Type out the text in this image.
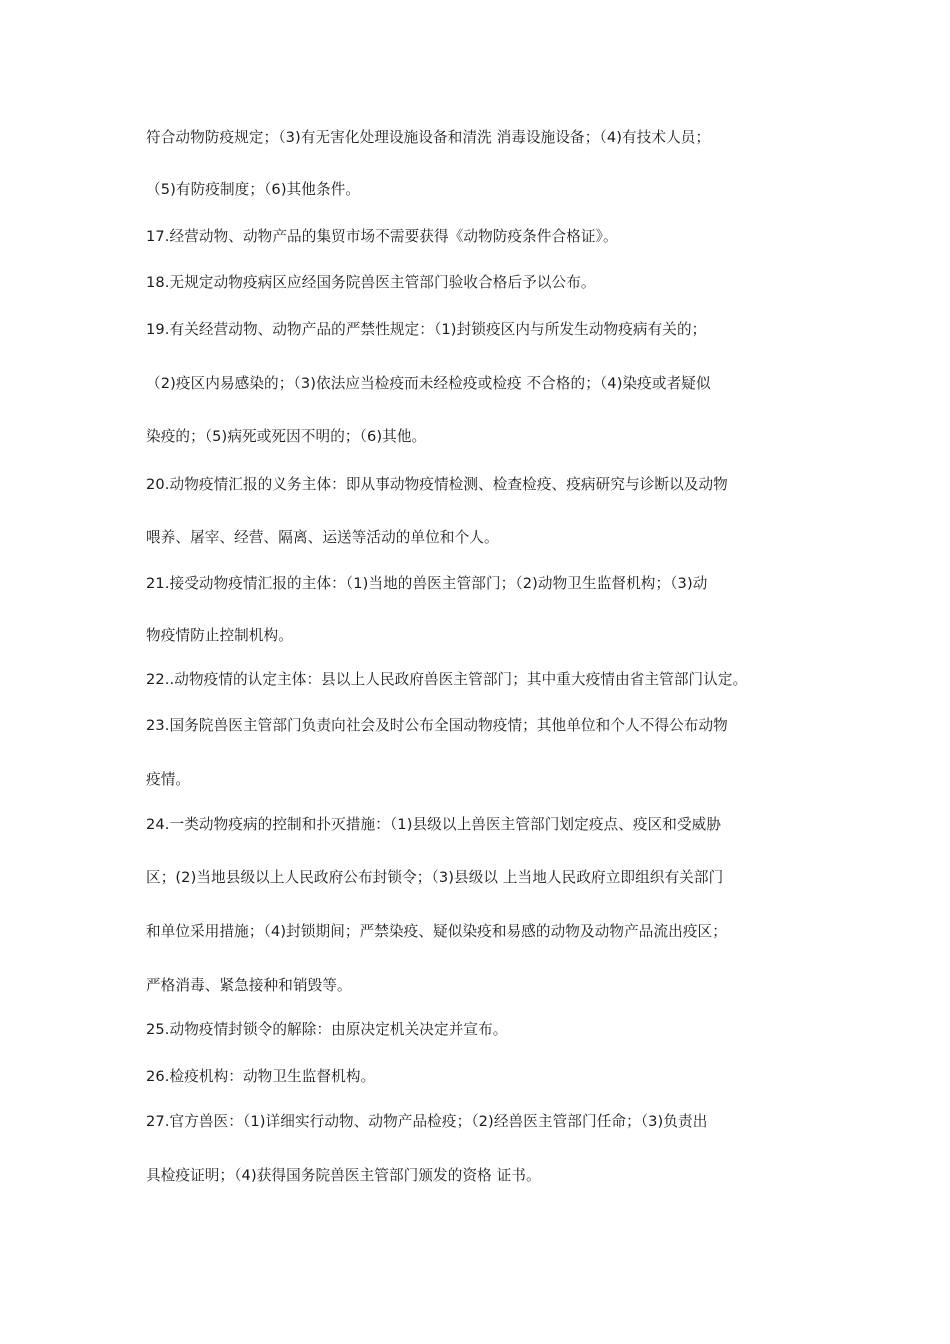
符合动物防疫规定；（3)有无害化处理设施设备和清洗 消毒设施设备；（4)有技术人员；
（5)有防疫制度；（6)其他条件。
17.经营动物、动物产品的集贸市场不需要获得《动物防疫条件合格证》。
18.无规定动物疫病区应经国务院兽医主管部门验收合格后予以公布。
19.有关经营动物、动物产品的严禁性规定：（1)封锁疫区内与所发生动物疫病有关的；
（2)疫区内易感染的；（3)依法应当检疫而未经检疫或检疫 不合格的；（4)染疫或者疑似
染疫的；（5)病死或死因不明的；（6)其他。
20.动物疫情汇报的义务主体：即从事动物疫情检测、检查检疫、疫病研究与诊断以及动物
喂养、屠宰、经营、隔离、运送等活动的单位和个人。
21.接受动物疫情汇报的主体：（1)当地的兽医主管部门；（2)动物卫生监督机构；（3)动
物疫情防止控制机构。
22..动物疫情的认定主体：县以上人民政府兽医主管部门；其中重大疫情由省主管部门认定。
23.国务院兽医主管部门负责向社会及时公布全国动物疫情；其他单位和个人不得公布动物
疫情。
24.一类动物疫病的控制和扑灭措施：（1)县级以上兽医主管部门划定疫点、疫区和受威胁
区；(2)当地县级以上人民政府公布封锁令；（3)县级以 上当地人民政府立即组织有关部门
和单位采用措施；（4)封锁期间；严禁染疫、疑似染疫和易感的动物及动物产品流出疫区；
严格消毒、紧急接种和销毁等。
25.动物疫情封锁令的解除：由原决定机关决定并宣布。
26.检疫机构：动物卫生监督机构。
27.官方兽医：（1)详细实行动物、动物产品检疫；（2)经兽医主管部门任命；（3)负责出
具检疫证明；（4)获得国务院兽医主管部门颁发的资格 证书。
